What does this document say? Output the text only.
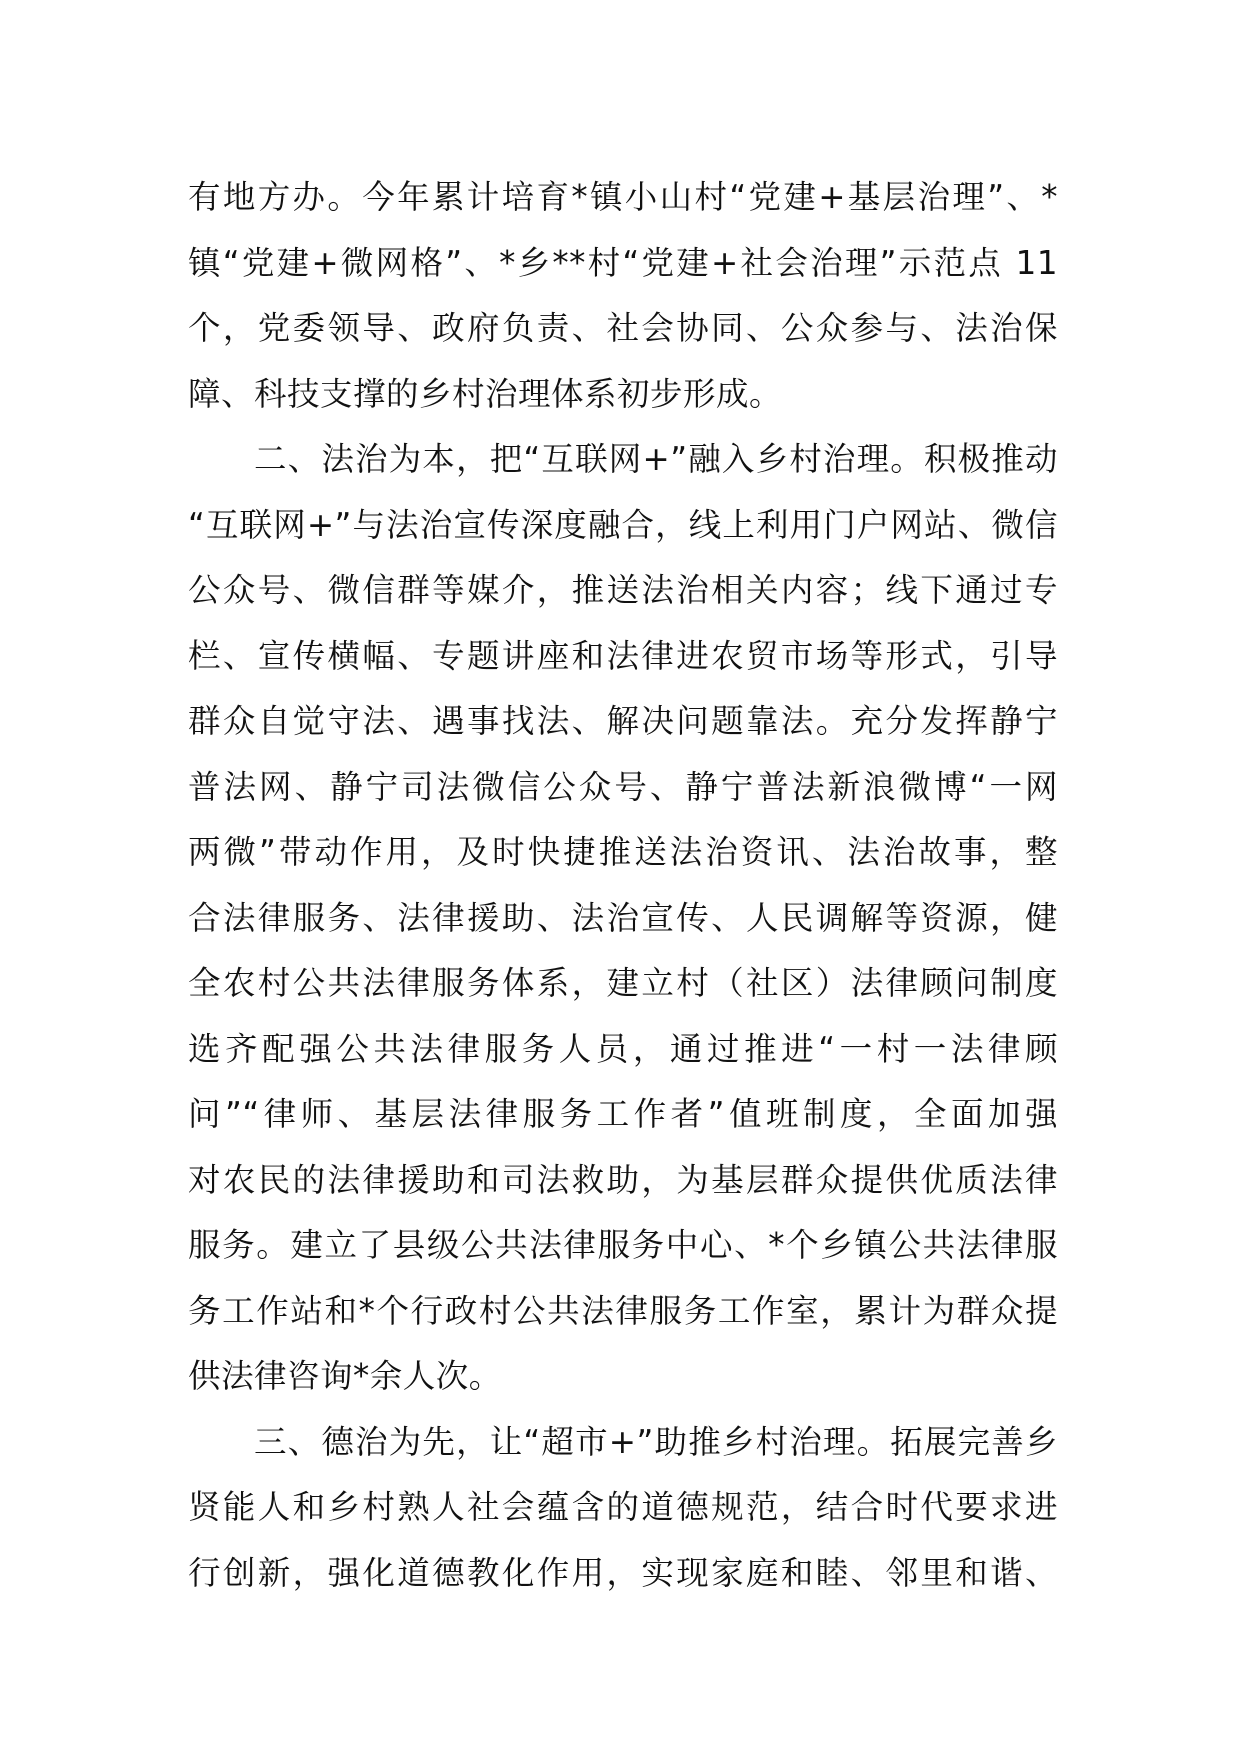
有地方办。今年累计培育*镇小山村“党建+基层治理”、*
镇“党建+微网格”、*乡**村“党建+社会治理”示范点 11
个，党委领导、政府负责、社会协同、公众参与、法治保
障、科技支撑的乡村治理体系初步形成。
二、法治为本，把“互联网+”融入乡村治理。积极推动
“互联网+”与法治宣传深度融合，线上利用门户网站、微信
公众号、微信群等媒介，推送法治相关内容；线下通过专
栏、宣传横幅、专题讲座和法律进农贸市场等形式，引导
群众自觉守法、遇事找法、解决问题靠法。充分发挥静宁
普法网、静宁司法微信公众号、静宁普法新浪微博“一网
两微”带动作用，及时快捷推送法治资讯、法治故事，整
合法律服务、法律援助、法治宣传、人民调解等资源，健
全农村公共法律服务体系，建立村（社区）法律顾问制度
选齐配强公共法律服务人员，通过推进“一村一法律顾
问”“律师、基层法律服务工作者”值班制度，全面加强
对农民的法律援助和司法救助，为基层群众提供优质法律
服务。建立了县级公共法律服务中心、*个乡镇公共法律服
务工作站和*个行政村公共法律服务工作室，累计为群众提
供法律咨询*余人次。
三、德治为先，让“超市+”助推乡村治理。拓展完善乡
贤能人和乡村熟人社会蕴含的道德规范，结合时代要求进
行创新，强化道德教化作用，实现家庭和睦、邻里和谐、
